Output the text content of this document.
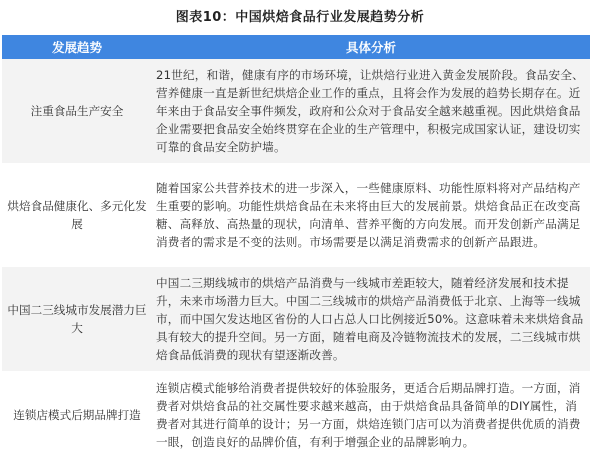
图表10：中国烘焙食品行业发展趋势分析
发展趋势	具体分析
注重食品生产安全	21世纪，和谐，健康有序的市场环境，让烘焙行业进入黄金发展阶段。食品安全、营养健康一直是新世纪烘焙企业工作的重点，且将会作为发展的趋势长期存在。近年来由于食品安全事件频发，政府和公众对于食品安全越来越重视。因此烘焙食品企业需要把食品安全始终贯穿在企业的生产管理中，积极完成国家认证，建设切实可靠的食品安全防护墙。
烘焙食品健康化、多元化发展	随着国家公共营养技术的进一步深入，一些健康原料、功能性原料将对产品结构产生重要的影响。功能性烘焙食品在未来将由巨大的发展前景。烘焙食品正在改变高糖、高释放、高热量的现状，向清单、营养平衡的方向发展。而开发创新产品满足消费者的需求是不变的法则。市场需要是以满足消费需求的创新产品跟进。
中国二三线城市发展潜力巨大	中国二三期线城市的烘焙产品消费与一线城市差距较大，随着经济发展和技术提升，未来市场潜力巨大。中国二三线城市的烘焙产品消费低于北京、上海等一线城市，而中国欠发达地区省份的人口占总人口比例接近50%。这意味着未来烘焙食品具有较大的提升空间。另一方面，随着电商及冷链物流技术的发展，二三线城市烘焙食品低消费的现状有望逐渐改善。
连锁店模式后期品牌打造	连锁店模式能够给消费者提供较好的体验服务，更适合后期品牌打造。一方面，消费者对烘焙食品的社交属性要求越来越高，由于烘焙食品具备简单的DIY属性，消费者对其进行简单的设计；另一方面，烘焙连锁门店可以为消费者提供优质的消费一眼，创造良好的品牌价值，有利于增强企业的品牌影响力。
